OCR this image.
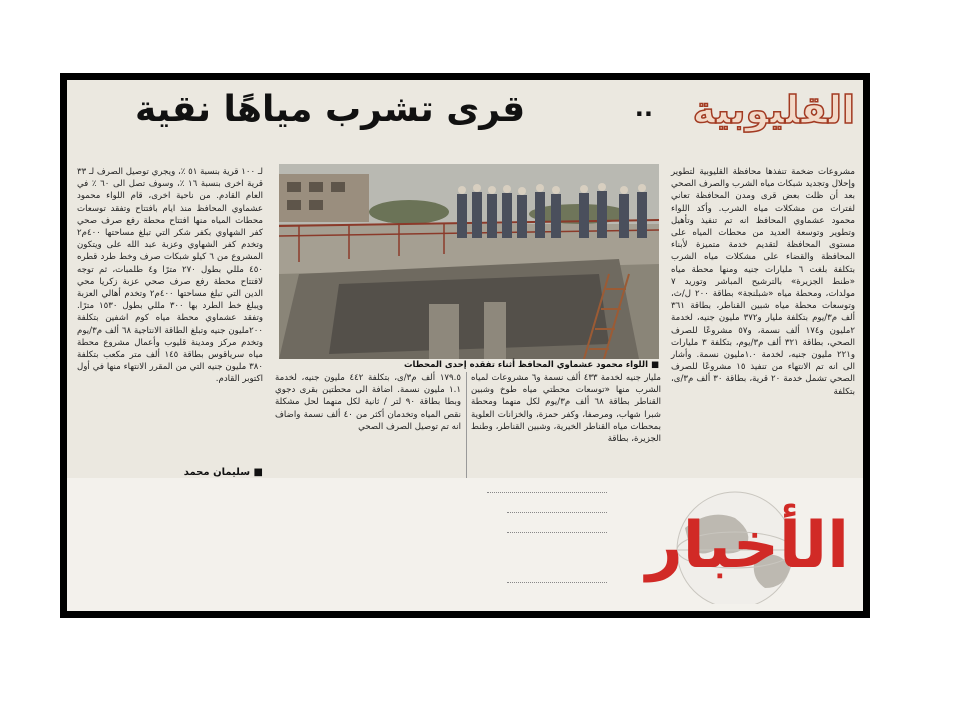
القليوبية
..
قرى تشرب مياهًا نقية
■ اللواء محمود عشماوي المحافظ أثناء تفقده إحدى المحطات
مشروعات ضخمة تنفذها محافظة القليوبية لتطوير وإحلال وتجديد شبكات مياه الشرب والصرف الصحي بعد أن ظلت بعض قرى ومدن المحافظة تعاني لفترات من مشكلات مياه الشرب. وأكد اللواء محمود عشماوي المحافظ انه تم تنفيذ وتأهيل وتطوير وتوسعة العديد من محطات المياه على مستوى المحافظة لتقديم خدمة متميزة لأبناء المحافظة والقضاء على مشكلات مياه الشرب بتكلفة بلغت ٦ مليارات جنيه ومنها محطة مياه «طنط الجزيرة» بالترشيح المباشر وتوريد ٧ مولدات، ومحطة مياه «شبلنجة» بطاقة ٢٠٠ ل/ث، وتوسعات محطة مياه شبين القناطر، بطاقة ٣٦١ ألف م٣/يوم بتكلفة مليار و٣٧٢ مليون جنيه، لخدمة ٢مليون و١٧٤ ألف نسمة، و٥٧ مشروعًا للصرف الصحي، بطاقة ٣٢١ ألف م٣/يوم، بتكلفة ٣ مليارات و٢٢١ مليون جنيه، لخدمة ١.٠مليون نسمة. وأشار الى انه تم الانتهاء من تنفيذ ١٥ مشروعًا للصرف الصحي تشمل خدمة ٢٠ قرية، بطاقة ٣٠ ألف م٣/ى، بتكلفة
لـ ١٠٠ قرية بنسبة ٥١ ٪، ويجري توصيل الصرف لـ ٣٣ قرية اخرى بنسبة ١٦ ٪، وسوف تصل الى ٦٠ ٪ في العام القادم. من ناحية اخرى، قام اللواء محمود عشماوي المحافظ منذ ايام بافتتاح وتفقد توسعات محطات المياه منها افتتاح محطة رفع صرف صحي كفر الشهاوي بكفر شكر التي تبلغ مساحتها ٤٠٠م٢ وتخدم كفر الشهاوي وعزبة عبد الله على ويتكون المشروع من ٦ كيلو شبكات صرف وخط طرد قطره ٤٥٠ مللي بطول ٢٧٠ مترًا و٤ طلمبات، ثم توجه لافتتاح محطة رفع صرف صحي عزبة زكريا محي الدين التي تبلغ مساحتها ٤٠٠م٢ وتخدم أهالي العزبة ويبلغ خط الطرد بها ٣٠٠ مللي بطول ١٥٣٠ مترًا. وتفقد عشماوي محطة مياه كوم اشفين بتكلفة ٢٠٠مليون جنيه وتبلغ الطاقة الانتاجية ٦٨ ألف م٣/يوم وتخدم مركز ومدينة قليوب وأعمال مشروع محطة مياه سرياقوس بطاقة ١٤٥ ألف متر مكعب بتكلفة ٣٨٠ مليون جنيه التي من المقرر الانتهاء منها في أول اكتوبر القادم. ١٧٩.٥ ألف م٣/ى، بتكلفة ٤٤٢ مليون جنيه، لخدمة ١.١ مليون نسمة. اضافة الى محطتين بقرى دجوي وبطا بطاقة ٩٠ لتر / ثانية لكل منهما لحل مشكلة نقص المياه وتخدمان أكثر من ٤٠ ألف نسمة واضاف انه تم توصيل الصرف الصحي
مليار جنيه لخدمة ٤٣٣ ألف نسمة و٦ مشروعات لمياه الشرب منها «توسعات محطتي مياه طوخ وشبين القناطر بطاقة ٦٨ ألف م٣/يوم لكل منهما ومحطة شبرا شهاب، ومرصفا، وكفر حمزة، والخزانات العلوية بمحطات مياه القناطر الخيرية، وشبين القناطر، وطنط الجزيرة، بطاقة
■ سليمان محمد
الأخبار
